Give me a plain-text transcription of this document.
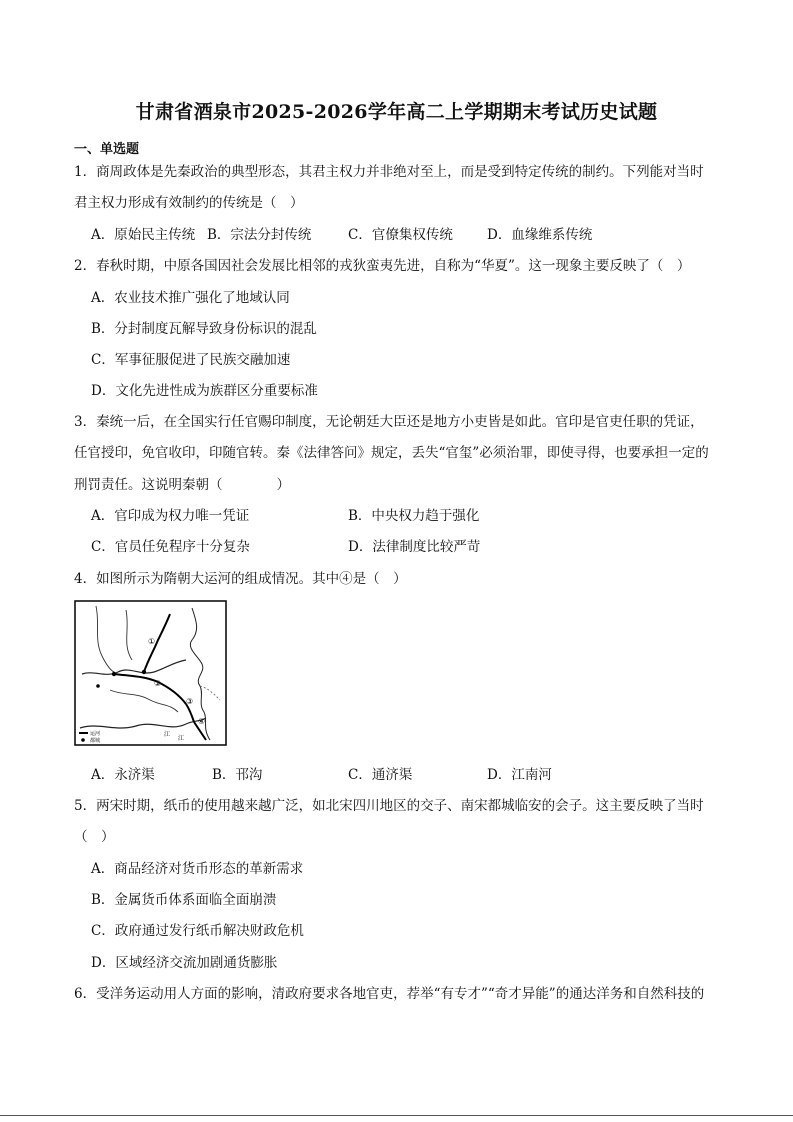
甘肃省酒泉市2025-2026学年高二上学期期末考试历史试题
一、单选题
1．商周政体是先秦政治的典型形态，其君主权力并非绝对至上，而是受到特定传统的制约。下列能对当时
君主权力形成有效制约的传统是（　）
A．原始民主传统 B．宗法分封传统	C．官僚集权传统	D．血缘维系传统
2．春秋时期，中原各国因社会发展比相邻的戎狄蛮夷先进，自称为“华夏”。这一现象主要反映了（　）
A．农业技术推广强化了地域认同
B．分封制度瓦解导致身份标识的混乱
C．军事征服促进了民族交融加速
D．文化先进性成为族群区分重要标准
3．秦统一后，在全国实行任官赐印制度，无论朝廷大臣还是地方小吏皆是如此。官印是官吏任职的凭证，
任官授印，免官收印，印随官转。秦《法律答问》规定，丢失“官玺”必须治罪，即使寻得，也要承担一定的
刑罚责任。这说明秦朝（　　　　）
A．官印成为权力唯一凭证	B．中央权力趋于强化
C．官员任免程序十分复杂	D．法律制度比较严苛
4．如图所示为隋朝大运河的组成情况。其中④是（　）
①
②
③
④
江
江
运河
都城
A．永济渠	B．邗沟	C．通济渠	D．江南河
5．两宋时期，纸币的使用越来越广泛，如北宋四川地区的交子、南宋都城临安的会子。这主要反映了当时
（　）
A．商品经济对货币形态的革新需求
B．金属货币体系面临全面崩溃
C．政府通过发行纸币解决财政危机
D．区域经济交流加剧通货膨胀
6．受洋务运动用人方面的影响，清政府要求各地官吏，荐举“有专才”“奇才异能”的通达洋务和自然科技的
